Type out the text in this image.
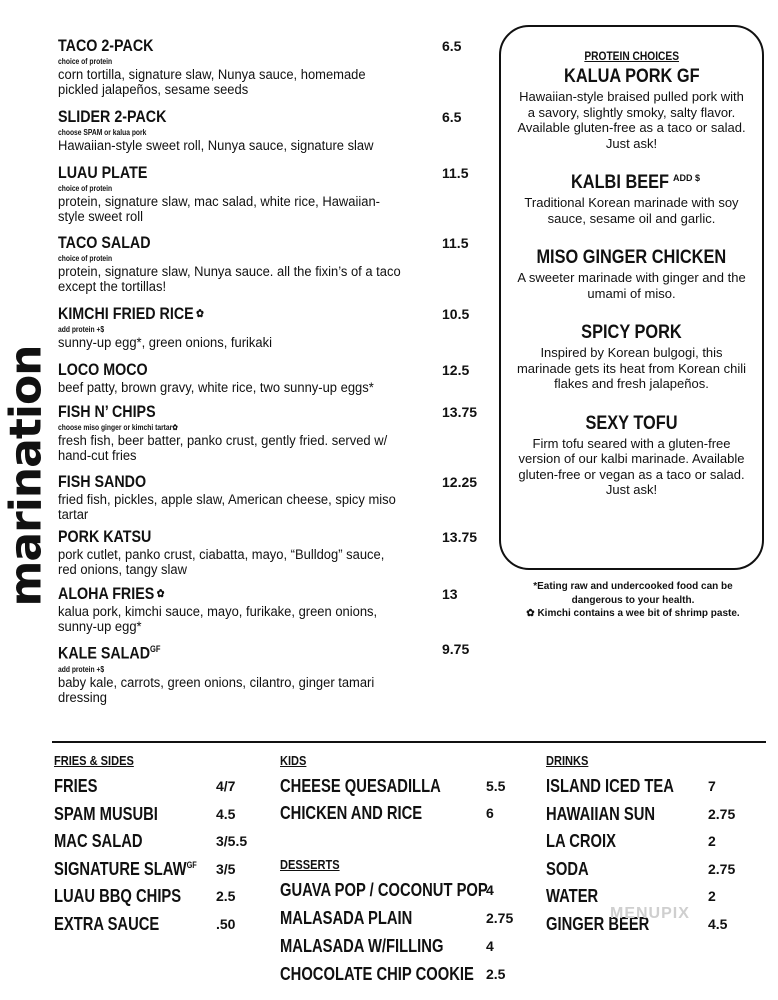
marination
TACO 2-PACK
choice of protein
corn tortilla, signature slaw, Nunya sauce, homemade pickled jalapeños, sesame seeds
6.5
SLIDER 2-PACK
choose SPAM or kalua pork
Hawaiian-style sweet roll, Nunya sauce, signature slaw
6.5
LUAU PLATE
choice of protein
protein, signature slaw, mac salad, white rice, Hawaiian-style sweet roll
11.5
TACO SALAD
choice of protein
protein, signature slaw, Nunya sauce. all the fixin’s of a taco except the tortillas!
11.5
KIMCHI FRIED RICE ✿
add protein +$
sunny-up egg*, green onions, furikaki
10.5
LOCO MOCO
beef patty, brown gravy, white rice, two sunny-up eggs*
12.5
FISH N’ CHIPS
choose miso ginger or kimchi tartar✿
fresh fish, beer batter, panko crust, gently fried. served w/ hand-cut fries
13.75
FISH SANDO
fried fish, pickles, apple slaw, American cheese, spicy miso tartar
12.25
PORK KATSU
pork cutlet, panko crust, ciabatta, mayo, “Bulldog” sauce, red onions, tangy slaw
13.75
ALOHA FRIES ✿
kalua pork, kimchi sauce, mayo, furikake, green onions, sunny-up egg*
13
KALE $SALAD^{GF}$
add protein +$
baby kale, carrots, green onions, cilantro, ginger tamari dressing
9.75
PROTEIN CHOICES
KALUA PORK GF
Hawaiian-style braised pulled pork with a savory, slightly smoky, salty flavor. Available gluten-free as a taco or salad. Just ask!
KALBI BEEF $^{ADD \$}$
Traditional Korean marinade with soy sauce, sesame oil and garlic.
MISO GINGER CHICKEN
A sweeter marinade with ginger and the umami of miso.
SPICY PORK
Inspired by Korean bulgogi, this marinade gets its heat from Korean chili flakes and fresh jalapeños.
SEXY TOFU
Firm tofu seared with a gluten-free version of our kalbi marinade. Available gluten-free or vegan as a taco or salad. Just ask!
*Eating raw and undercooked food can be
dangerous to your health.
✿ Kimchi contains a wee bit of shrimp paste.
FRIES & SIDES
FRIES	4/7
SPAM MUSUBI	4.5
MAC SALAD	3/5.5
SIGNATURE $SLAW^{GF}$ 3/5
LUAU BBQ CHIPS 2.5
EXTRA SAUCE	.50
KIDS
CHEESE QUESADILLA	5.5
CHICKEN AND RICE	6
DESSERTS
GUAVA POP / COCONUT POP
4
MALASADA PLAIN	2.75
MALASADA W/FILLING	4
CHOCOLATE CHIP COOKIE 2.5
DRINKS
ISLAND ICED TEA 7
HAWAIIAN SUN	2.75
LA CROIX	2
SODA	2.75
WATER	2
GINGER BEER	4.5
MENUPIX
